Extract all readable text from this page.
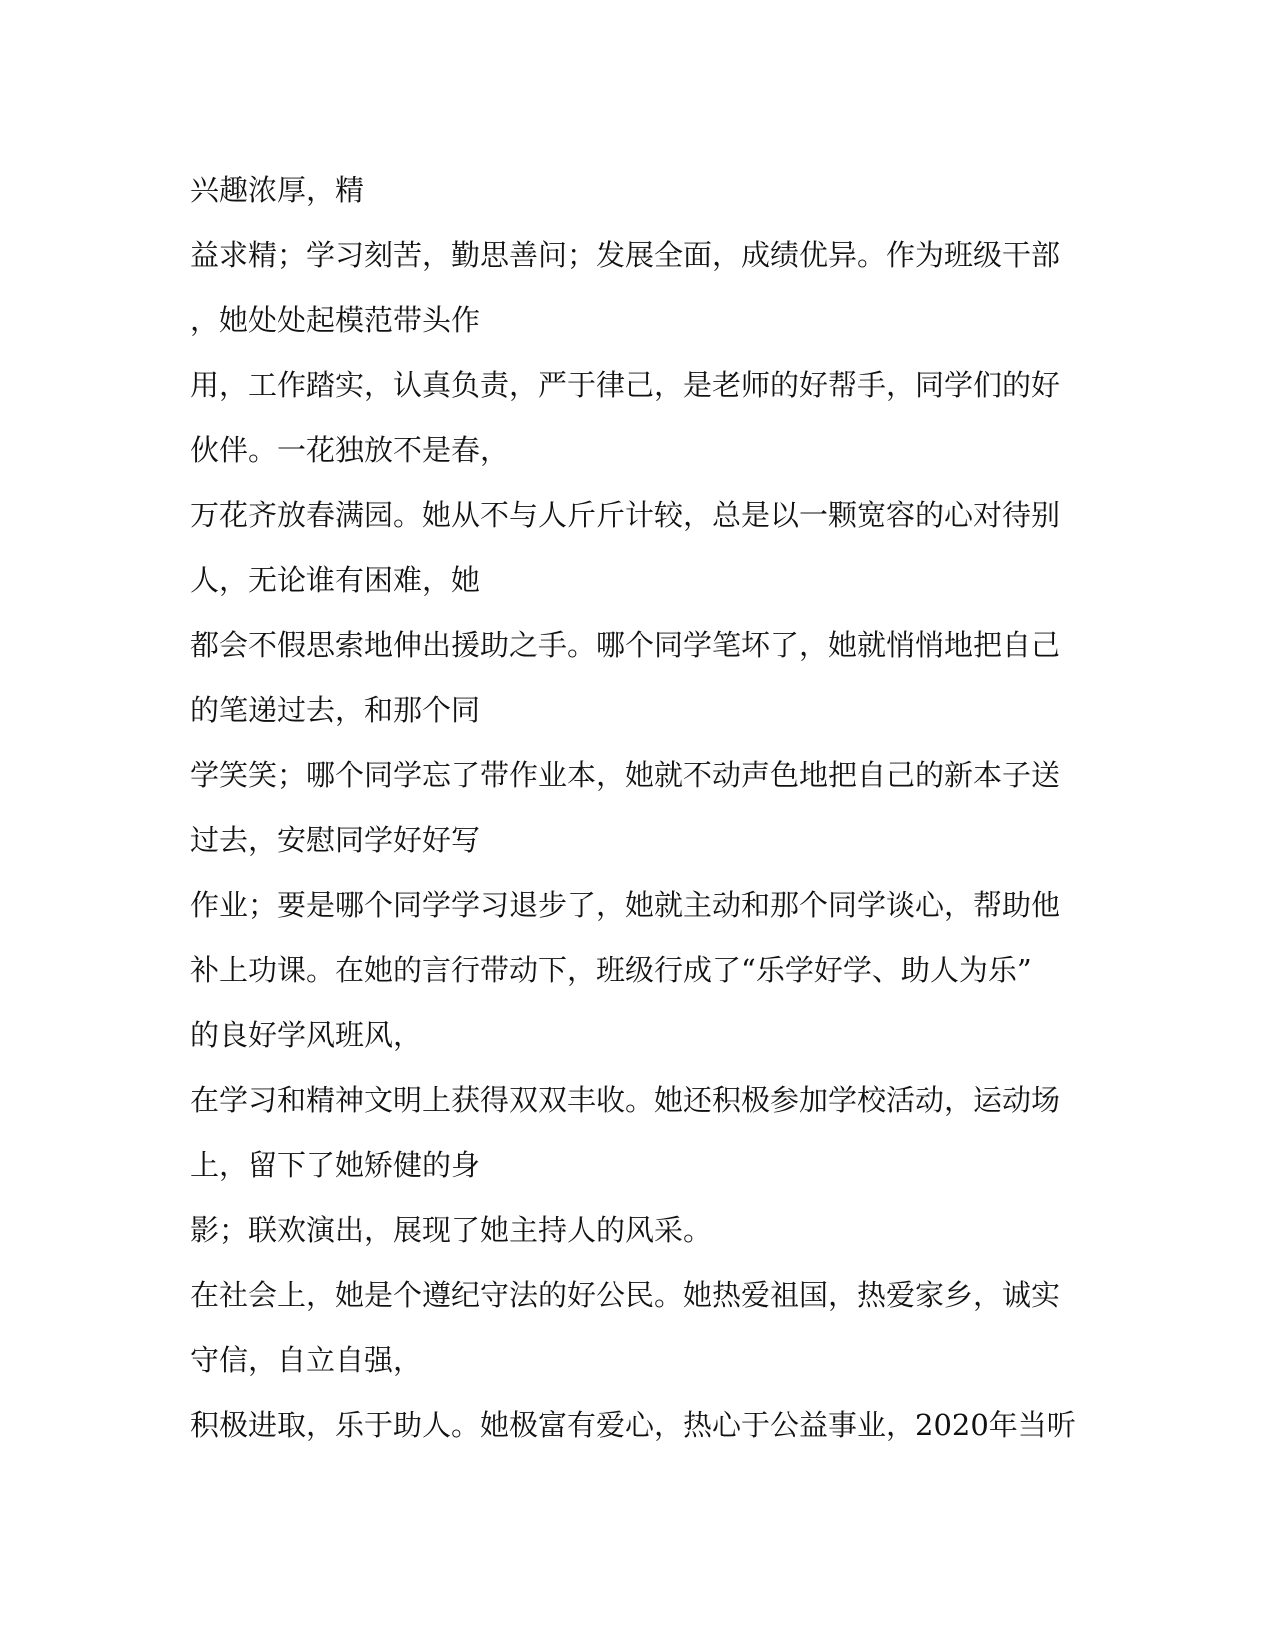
兴趣浓厚，精
益求精；学习刻苦，勤思善问；发展全面，成绩优异。作为班级干部
，她处处起模范带头作
用，工作踏实，认真负责，严于律己，是老师的好帮手，同学们的好
伙伴。一花独放不是春，
万花齐放春满园。她从不与人斤斤计较，总是以一颗宽容的心对待别
人，无论谁有困难，她
都会不假思索地伸出援助之手。哪个同学笔坏了，她就悄悄地把自己
的笔递过去，和那个同
学笑笑；哪个同学忘了带作业本，她就不动声色地把自己的新本子送
过去，安慰同学好好写
作业；要是哪个同学学习退步了，她就主动和那个同学谈心，帮助他
补上功课。在她的言行带动下，班级行成了“乐学好学、助人为乐”
的良好学风班风，
在学习和精神文明上获得双双丰收。她还积极参加学校活动，运动场
上，留下了她矫健的身
影；联欢演出，展现了她主持人的风采。
在社会上，她是个遵纪守法的好公民。她热爱祖国，热爱家乡，诚实
守信，自立自强，
积极进取，乐于助人。她极富有爱心，热心于公益事业，2020年当听
